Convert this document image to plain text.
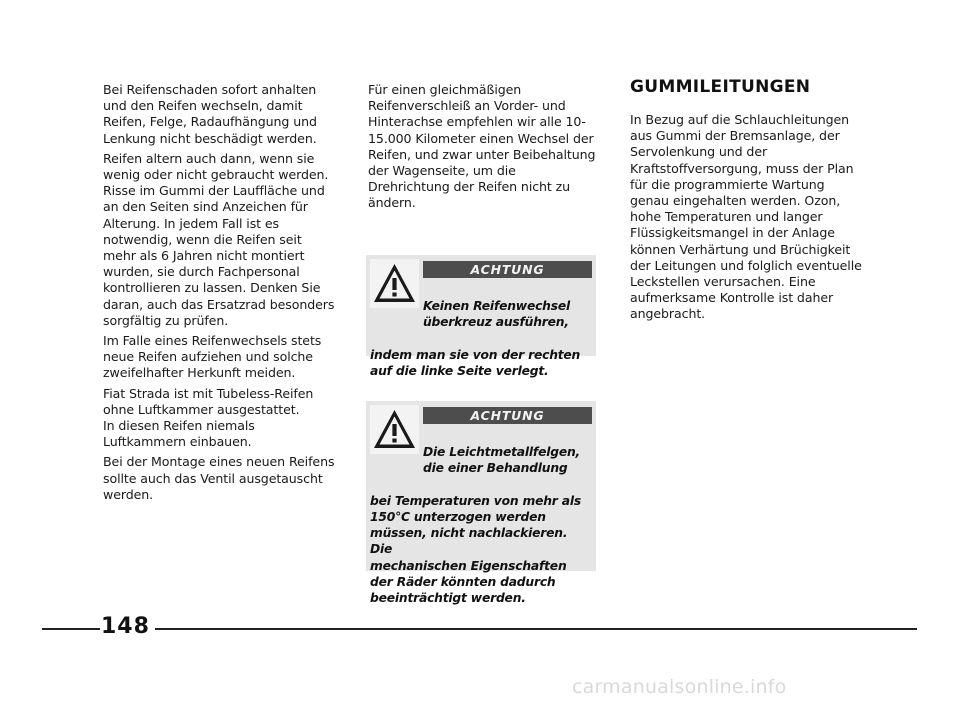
Bei Reifenschaden sofort anhalten
und den Reifen wechseln, damit
Reifen, Felge, Radaufhängung und
Lenkung nicht beschädigt werden.

Reifen altern auch dann, wenn sie
wenig oder nicht gebraucht werden.
Risse im Gummi der Lauffläche und
an den Seiten sind Anzeichen für
Alterung. In jedem Fall ist es
notwendig, wenn die Reifen seit
mehr als 6 Jahren nicht montiert
wurden, sie durch Fachpersonal
kontrollieren zu lassen. Denken Sie
daran, auch das Ersatzrad besonders
sorgfältig zu prüfen.

Im Falle eines Reifenwechsels stets
neue Reifen aufziehen und solche
zweifelhafter Herkunft meiden.

Fiat Strada ist mit Tubeless-Reifen
ohne Luftkammer ausgestattet.
In diesen Reifen niemals
Luftkammern einbauen.

Bei der Montage eines neuen Reifens
sollte auch das Ventil ausgetauscht
werden.

Für einen gleichmäßigen
Reifenverschleiß an Vorder- und
Hinterachse empfehlen wir alle 10-
15.000 Kilometer einen Wechsel der
Reifen, und zwar unter Beibehaltung
der Wagenseite, um die
Drehrichtung der Reifen nicht zu
ändern.

ACHTUNG

Keinen Reifenwechsel
überkreuz ausführen,

indem man sie von der rechten
auf die linke Seite verlegt.

ACHTUNG

Die Leichtmetallfelgen,
die einer Behandlung

bei Temperaturen von mehr als
150°C unterzogen werden
müssen, nicht nachlackieren. Die
mechanischen Eigenschaften
der Räder könnten dadurch
beeinträchtigt werden.

GUMMILEITUNGEN

In Bezug auf die Schlauchleitungen
aus Gummi der Bremsanlage, der
Servolenkung und der
Kraftstoffversorgung, muss der Plan
für die programmierte Wartung
genau eingehalten werden. Ozon,
hohe Temperaturen und langer
Flüssigkeitsmangel in der Anlage
können Verhärtung und Brüchigkeit
der Leitungen und folglich eventuelle
Leckstellen verursachen. Eine
aufmerksame Kontrolle ist daher
angebracht.

148
carmanualsonline.info
